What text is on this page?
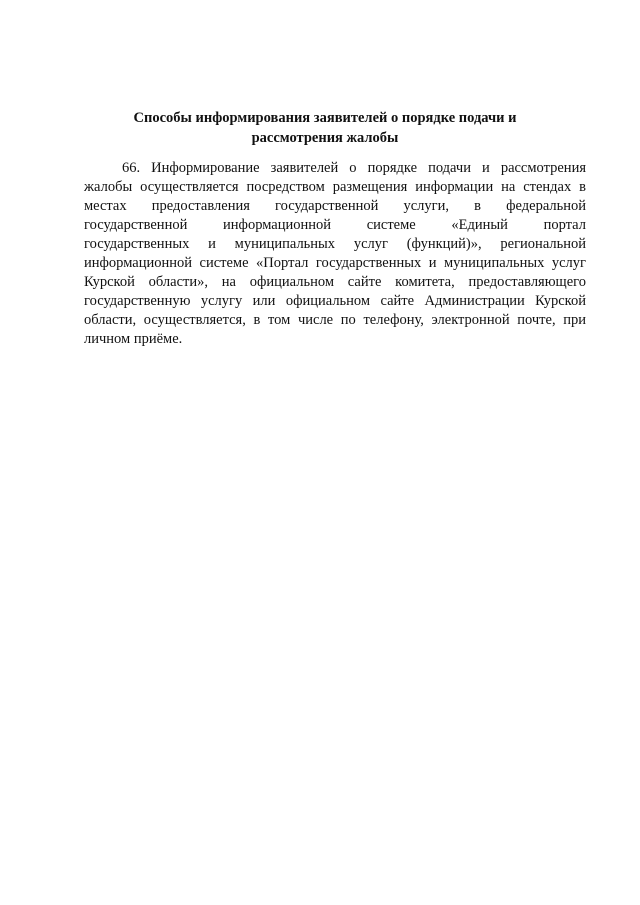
Способы информирования заявителей о порядке подачи и
рассмотрения жалобы
66. Информирование заявителей о порядке подачи и рассмотрения
жалобы осуществляется посредством размещения информации на стендах в
местах предоставления государственной услуги, в федеральной
государственной информационной системе «Единый портал
государственных и муниципальных услуг (функций)», региональной
информационной системе «Портал государственных и муниципальных услуг
Курской области», на официальном сайте комитета, предоставляющего
государственную услугу или официальном сайте Администрации Курской
области, осуществляется, в том числе по телефону, электронной почте, при
личном приёме.
